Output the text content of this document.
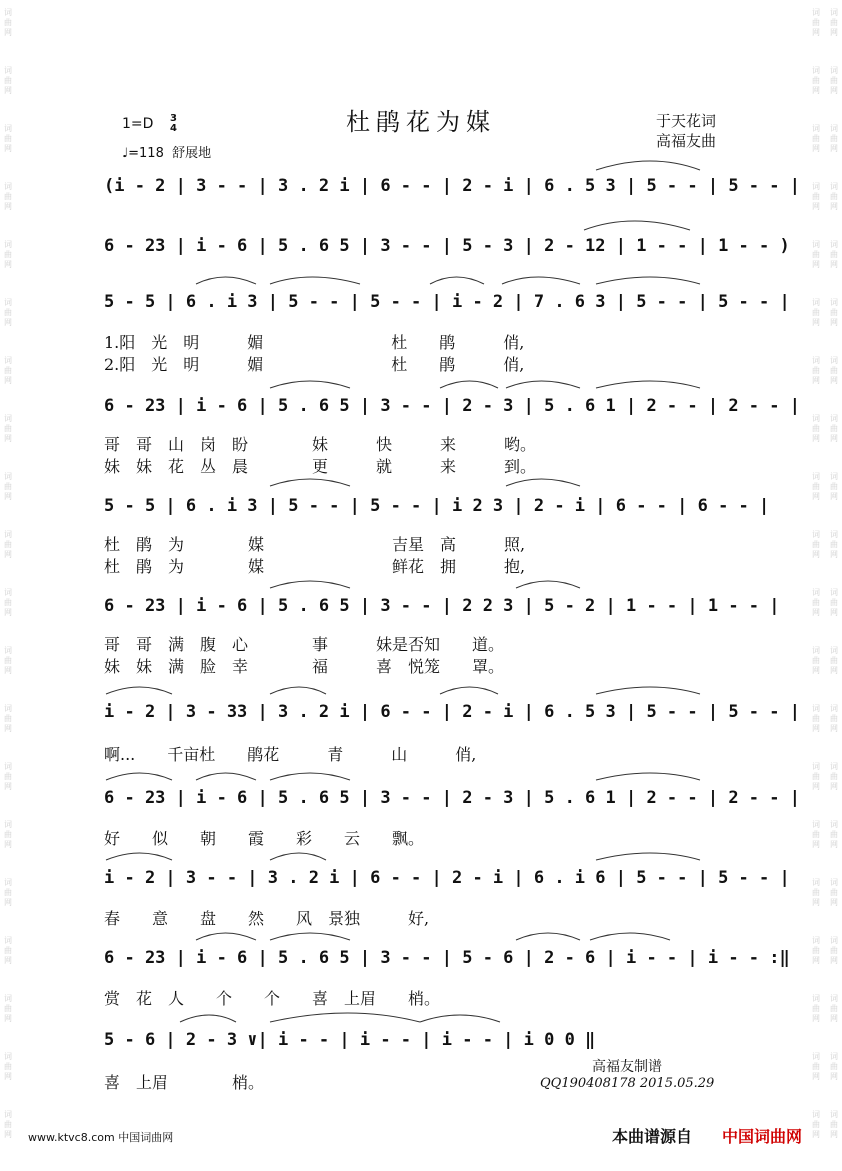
词曲网
词曲网
词曲网
词曲网
词曲网
词曲网
词曲网
词曲网
词曲网
词曲网
词曲网
词曲网
词曲网
词曲网
词曲网
词曲网
词曲网
词曲网
词曲网
词曲网
词曲网
词曲网
词曲网
词曲网
词曲网
词曲网
词曲网
词曲网
词曲网
词曲网
词曲网
词曲网
词曲网
词曲网
词曲网
词曲网
词曲网
词曲网
词曲网
词曲网
词曲网
词曲网
词曲网
词曲网
词曲网
词曲网
词曲网
词曲网
词曲网
词曲网
词曲网
词曲网
词曲网
词曲网
词曲网
词曲网
词曲网
词曲网
词曲网
词曲网
杜鹃花为媒
1=D 3
4
♩=118 舒展地
于天花词
高福友曲
(i - 2 | 3 - - | 3 . 2 i | 6 - - | 2 - i | 6 . 5 3 | 5 - - | 5 - - |
6 - 23 | i - 6 | 5 . 6 5 | 3 - - | 5 - 3 | 2 - 12 | 1 - - | 1 - - )
5 - 5 | 6 . i 3 | 5 - - | 5 - - | i - 2 | 7 . 6 3 | 5 - - | 5 - - |
6 - 23 | i - 6 | 5 . 6 5 | 3 - - | 2 - 3 | 5 . 6 1 | 2 - - | 2 - - |
5 - 5 | 6 . i 3 | 5 - - | 5 - - | i 2 3 | 2 - i | 6 - - | 6 - - |
6 - 23 | i - 6 | 5 . 6 5 | 3 - - | 2 2 3 | 5 - 2 | 1 - - | 1 - - |
i - 2 | 3 - 33 | 3 . 2 i | 6 - - | 2 - i | 6 . 5 3 | 5 - - | 5 - - |
6 - 23 | i - 6 | 5 . 6 5 | 3 - - | 2 - 3 | 5 . 6 1 | 2 - - | 2 - - |
i - 2 | 3 - - | 3 . 2 i | 6 - - | 2 - i | 6 . i 6 | 5 - - | 5 - - |
6 - 23 | i - 6 | 5 . 6 5 | 3 - - | 5 - 6 | 2 - 6 | i - - | i - - :‖
5 - 6 | 2 - 3 ∨| i - - | i - - | i - - | i 0 0 ‖
1.阳　光　明　　　媚　　　　　　　　杜　　鹃　　　俏,
2.阳　光　明　　　媚　　　　　　　　杜　　鹃　　　俏,
哥　哥　山　岗　盼　　　　妹　　　快　　　来　　　哟。
妹　妹　花　丛　晨　　　　更　　　就　　　来　　　到。
杜　鹃　为　　　　媒　　　　　　　　吉星　高　　　照,
杜　鹃　为　　　　媒　　　　　　　　鲜花　拥　　　抱,
哥　哥　满　腹　心　　　　事　　　妹是否知　　道。
妹　妹　满　脸　幸　　　　福　　　喜　悦笼　　罩。
啊...　　千亩杜　　鹃花　　　青　　　山　　　俏,
好　　似　　朝　　霞　　彩　　云　　飘。
春　　意　　盘　　然　　风　景独　　　好,
赏　花　人　　个　　个　　喜　上眉　　梢。
喜　上眉　　　　梢。
高福友制谱
QQ190408178 2015.05.29
www.ktvc8.com 中国词曲网	本曲谱源自 中国词曲网
